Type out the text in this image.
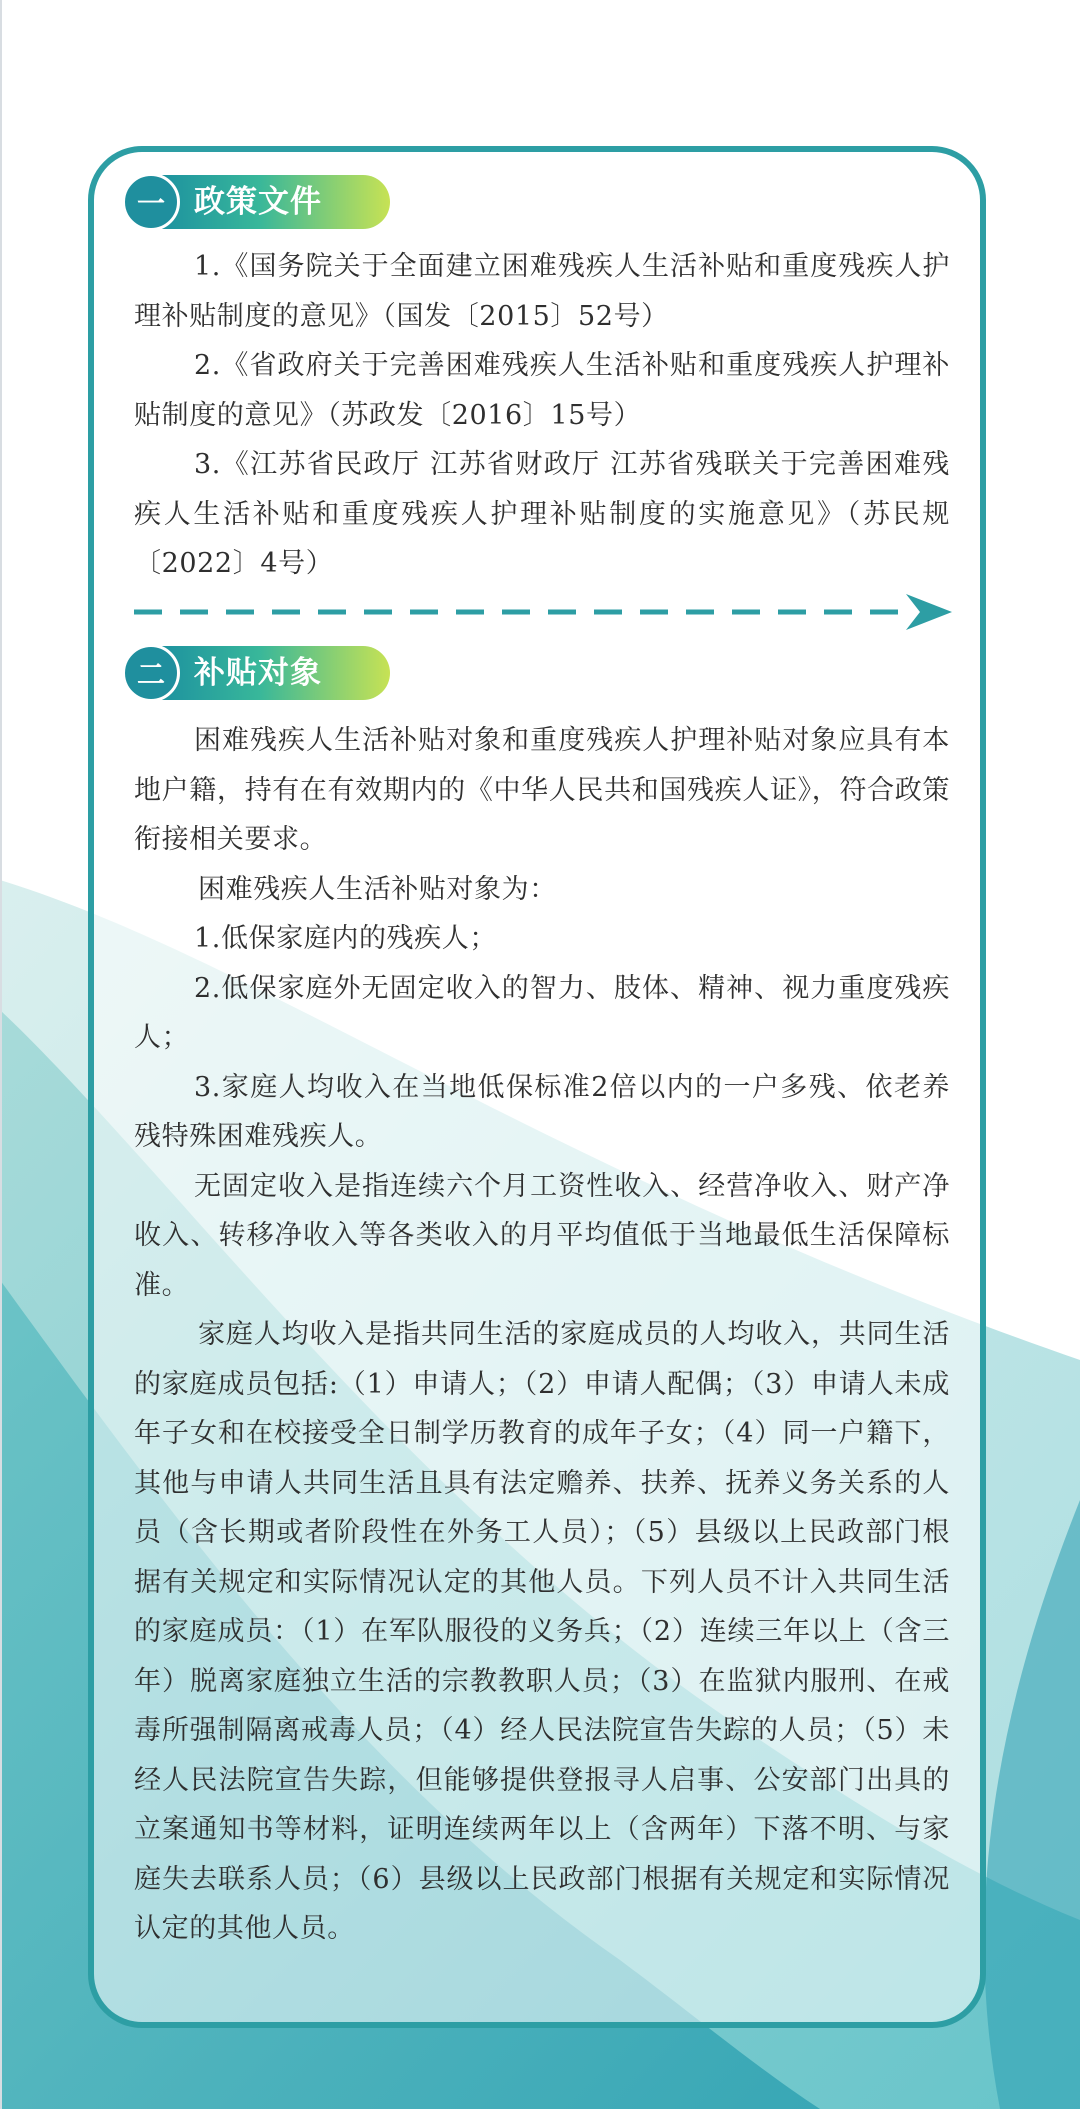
一 政策文件

1.《国务院关于全面建立困难残疾人生活补贴和重度残疾人护理补贴制度的意见》（国发〔2015〕52号）

2.《省政府关于完善困难残疾人生活补贴和重度残疾人护理补贴制度的意见》（苏政发〔2016〕15号）

3.《江苏省民政厅 江苏省财政厅 江苏省残联关于完善困难残疾人生活补贴和重度残疾人护理补贴制度的实施意见》（苏民规〔2022〕4号）

二 补贴对象

困难残疾人生活补贴对象和重度残疾人护理补贴对象应具有本地户籍，持有在有效期内的《中华人民共和国残疾人证》，符合政策衔接相关要求。

困难残疾人生活补贴对象为：

1.低保家庭内的残疾人；

2.低保家庭外无固定收入的智力、肢体、精神、视力重度残疾人；

3.家庭人均收入在当地低保标准2倍以内的一户多残、依老养残特殊困难残疾人。

无固定收入是指连续六个月工资性收入、经营净收入、财产净收入、转移净收入等各类收入的月平均值低于当地最低生活保障标准。

家庭人均收入是指共同生活的家庭成员的人均收入，共同生活的家庭成员包括:（1）申请人；（2）申请人配偶；（3）申请人未成年子女和在校接受全日制学历教育的成年子女；（4）同一户籍下，其他与申请人共同生活且具有法定赡养、扶养、抚养义务关系的人员（含长期或者阶段性在外务工人员）；（5）县级以上民政部门根据有关规定和实际情况认定的其他人员。下列人员不计入共同生活的家庭成员：（1）在军队服役的义务兵；（2）连续三年以上（含三年）脱离家庭独立生活的宗教教职人员；（3）在监狱内服刑、在戒毒所强制隔离戒毒人员；（4）经人民法院宣告失踪的人员；（5）未经人民法院宣告失踪，但能够提供登报寻人启事、公安部门出具的立案通知书等材料，证明连续两年以上（含两年）下落不明、与家庭失去联系人员；（6）县级以上民政部门根据有关规定和实际情况认定的其他人员。
